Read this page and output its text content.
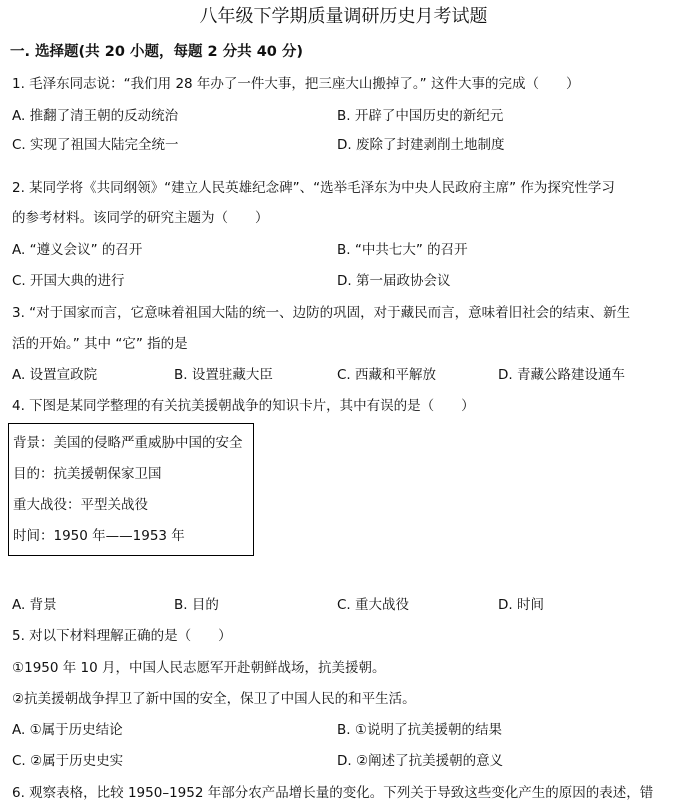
八年级下学期质量调研历史月考试题
一. 选择题(共 20 小题，每题 2 分共 40 分)
1. 毛泽东同志说：“我们用 28 年办了一件大事，把三座大山搬掉了。” 这件大事的完成（　　）
A. 推翻了清王朝的反动统治	B. 开辟了中国历史的新纪元
C. 实现了祖国大陆完全统一	D. 废除了封建剥削土地制度
2. 某同学将《共同纲领》“建立人民英雄纪念碑”、“选举毛泽东为中央人民政府主席” 作为探究性学习
的参考材料。该同学的研究主题为（　　）
A. “遵义会议” 的召开	B. “中共七大” 的召开
C. 开国大典的进行	D. 第一届政协会议
3. “对于国家而言，它意味着祖国大陆的统一、边防的巩固，对于藏民而言，意味着旧社会的结束、新生
活的开始。” 其中 “它” 指的是
A. 设置宣政院	B. 设置驻藏大臣	C. 西藏和平解放	D. 青藏公路建设通车
4. 下图是某同学整理的有关抗美援朝战争的知识卡片，其中有误的是（　　）
背景：美国的侵略严重威胁中国的安全
目的：抗美援朝保家卫国
重大战役：平型关战役
时间：1950 年——1953 年
A. 背景	B. 目的	C. 重大战役	D. 时间
5. 对以下材料理解正确的是（　　）
①1950 年 10 月，中国人民志愿军开赴朝鲜战场，抗美援朝。
②抗美援朝战争捍卫了新中国的安全，保卫了中国人民的和平生活。
A. ①属于历史结论	B. ①说明了抗美援朝的结果
C. ②属于历史史实	D. ②阐述了抗美援朝的意义
6. 观察表格，比较 1950–1952 年部分农产品增长量的变化。下列关于导致这些变化产生的原因的表述，错
